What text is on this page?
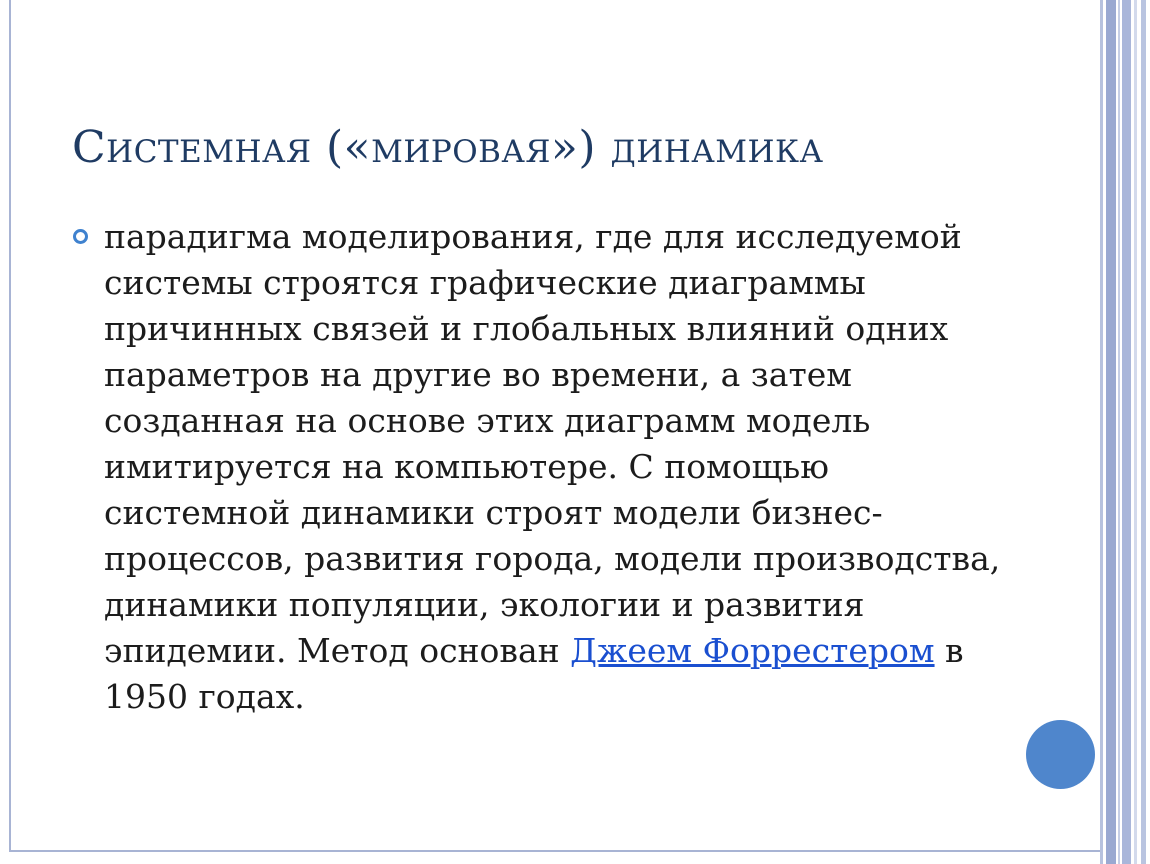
Системная («мировая») динамика

парадигма моделирования, где для исследуемой системы строятся графические диаграммы причинных связей и глобальных влияний одних параметров на другие во времени, а затем созданная на основе этих диаграмм модель имитируется на компьютере. С помощью системной динамики строят модели бизнес-процессов, развития города, модели производства, динамики популяции, экологии и развития эпидемии. Метод основан Джеем Форрестером в 1950 годах.
